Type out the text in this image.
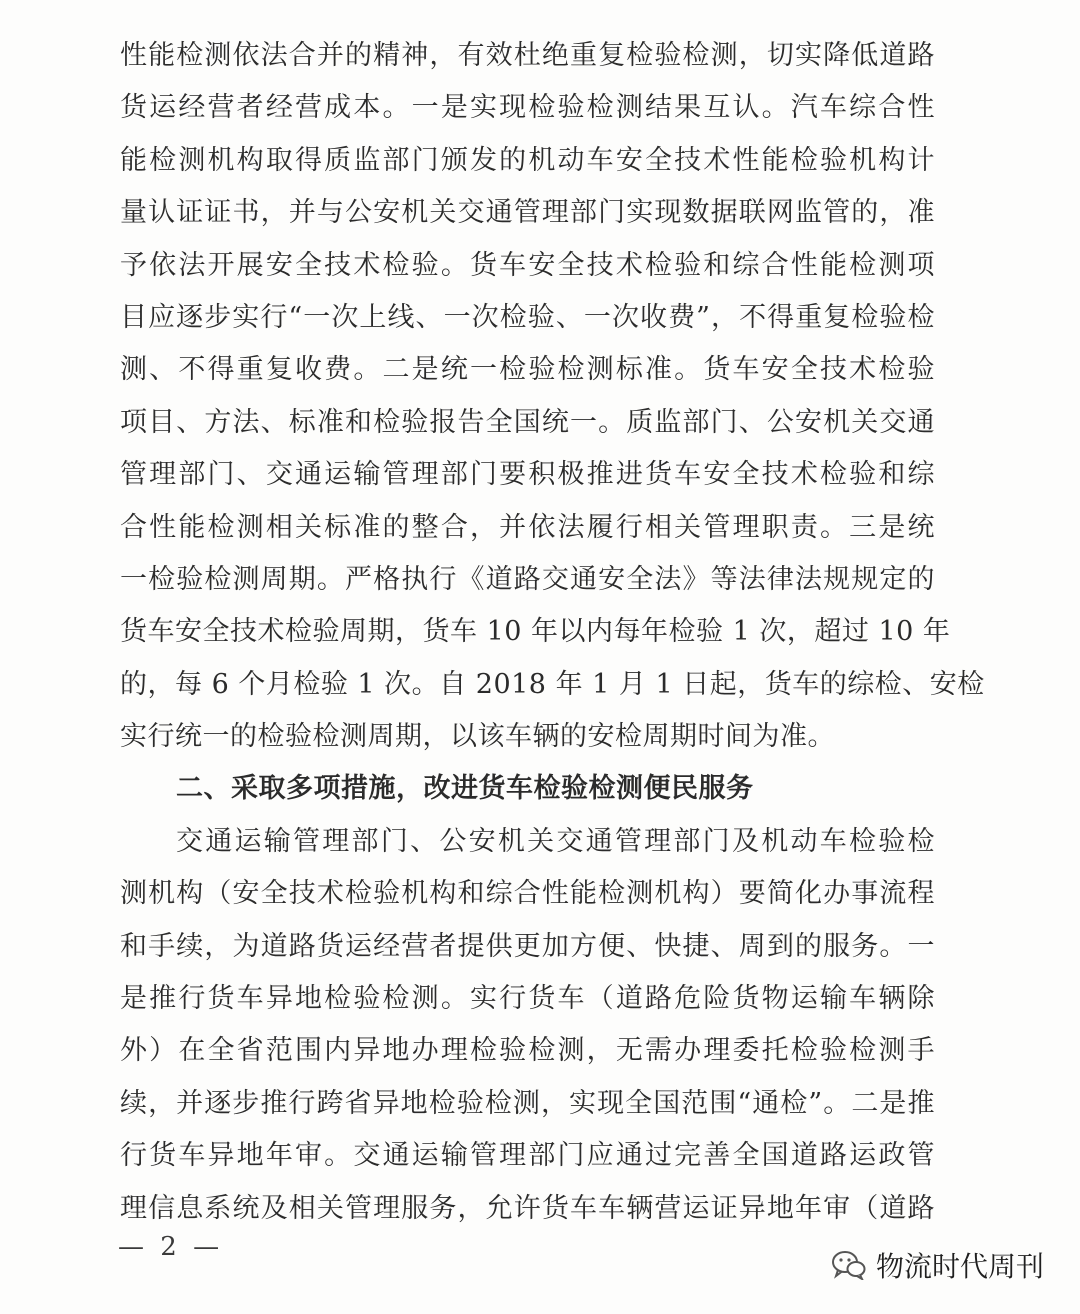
性能检测依法合并的精神，有效杜绝重复检验检测，切实降低道路
货运经营者经营成本。一是实现检验检测结果互认。汽车综合性
能检测机构取得质监部门颁发的机动车安全技术性能检验机构计
量认证证书，并与公安机关交通管理部门实现数据联网监管的，准
予依法开展安全技术检验。货车安全技术检验和综合性能检测项
目应逐步实行“一次上线、一次检验、一次收费”，不得重复检验检
测、不得重复收费。二是统一检验检测标准。货车安全技术检验
项目、方法、标准和检验报告全国统一。质监部门、公安机关交通
管理部门、交通运输管理部门要积极推进货车安全技术检验和综
合性能检测相关标准的整合，并依法履行相关管理职责。三是统
一检验检测周期。严格执行《道路交通安全法》等法律法规规定的
货车安全技术检验周期，货车 10 年以内每年检验 1 次，超过 10 年
的，每 6 个月检验 1 次。自 2018 年 1 月 1 日起，货车的综检、安检
实行统一的检验检测周期，以该车辆的安检周期时间为准。
二、采取多项措施，改进货车检验检测便民服务
交通运输管理部门、公安机关交通管理部门及机动车检验检
测机构（安全技术检验机构和综合性能检测机构）要简化办事流程
和手续，为道路货运经营者提供更加方便、快捷、周到的服务。一
是推行货车异地检验检测。实行货车（道路危险货物运输车辆除
外）在全省范围内异地办理检验检测，无需办理委托检验检测手
续，并逐步推行跨省异地检验检测，实现全国范围“通检”。二是推
行货车异地年审。交通运输管理部门应通过完善全国道路运政管
理信息系统及相关管理服务，允许货车车辆营运证异地年审（道路
— 2 —
物流时代周刊
